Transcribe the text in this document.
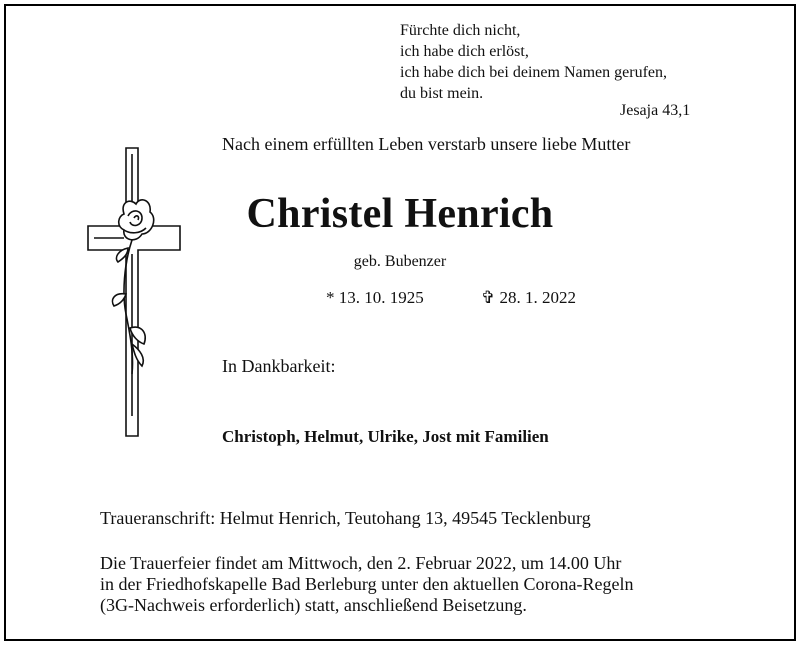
Fürchte dich nicht,
ich habe dich erlöst,
ich habe dich bei deinem Namen gerufen,
du bist mein.
Jesaja 43,1
Nach einem erfüllten Leben verstarb unsere liebe Mutter
Christel Henrich
geb. Bubenzer
* 13. 10. 1925	✞ 28. 1. 2022
In Dankbarkeit:
Christoph, Helmut, Ulrike, Jost mit Familien
Traueranschrift: Helmut Henrich, Teutohang 13, 49545 Tecklenburg
Die Trauerfeier findet am Mittwoch, den 2. Februar 2022, um 14.00 Uhr
in der Friedhofskapelle Bad Berleburg unter den aktuellen Corona-Regeln
(3G-Nachweis erforderlich) statt, anschließend Beisetzung.
